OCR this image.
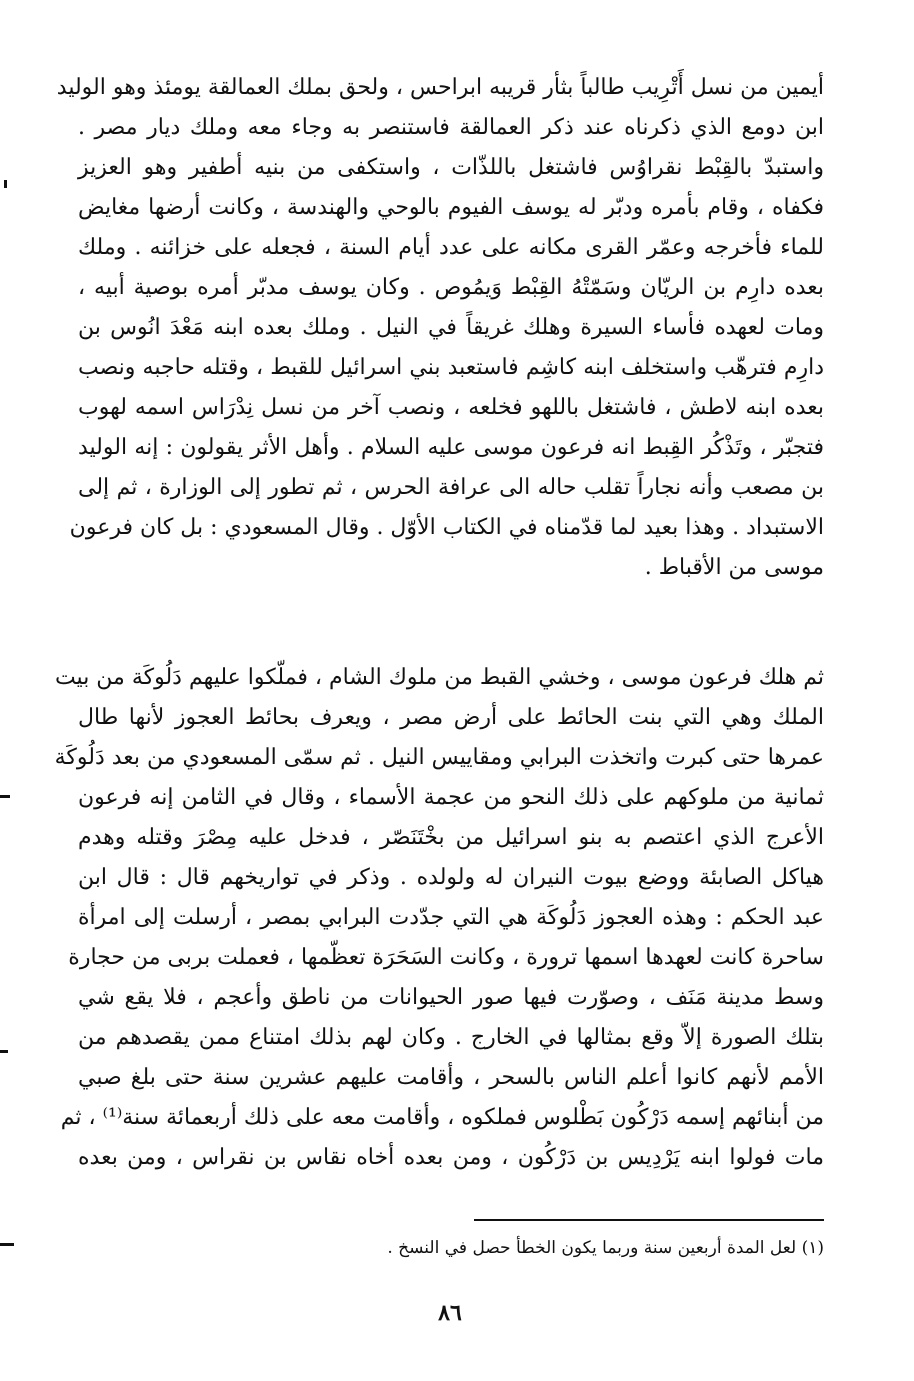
أيمين من نسل أَتْرِيب طالباً بثأر قريبه ابراحس ، ولحق بملك العمالقة يومئذ وهو الوليد
ابن دومع الذي ذكرناه عند ذكر العمالقة فاستنصر به وجاء معه وملك ديار مصر .
واستبدّ بالقِبْط نقراوُس فاشتغل باللذّات ، واستكفى من بنيه أطفير وهو العزيز
فكفاه ، وقام بأمره ودبّر له يوسف الفيوم بالوحي والهندسة ، وكانت أرضها مغايض
للماء فأخرجه وعمّر القرى مكانه على عدد أيام السنة ، فجعله على خزائنه . وملك
بعده دارِم بن الريّان وسَمّتْهُ القِبْط وَيمُوص . وكان يوسف مدبّر أمره بوصية أبيه ،
ومات لعهده فأساء السيرة وهلك غريقاً في النيل . وملك بعده ابنه مَعْدَ انُوس بن
دارِم فترهّب واستخلف ابنه كاشِم فاستعبد بني اسرائيل للقبط ، وقتله حاجبه ونصب
بعده ابنه لاطش ، فاشتغل باللهو فخلعه ، ونصب آخر من نسل نِدْرَاس اسمه لهوب
فتجبّر ، وتَذْكُر القِبط انه فرعون موسى عليه السلام . وأهل الأثر يقولون : إنه الوليد
بن مصعب وأنه نجاراً تقلب حاله الى عرافة الحرس ، ثم تطور إلى الوزارة ، ثم إلى
الاستبداد . وهذا بعيد لما قدّمناه في الكتاب الأوّل . وقال المسعودي : بل كان فرعون
موسى من الأقباط .
ثم هلك فرعون موسى ، وخشي القبط من ملوك الشام ، فملّكوا عليهم دَلُوكَة من بيت
الملك وهي التي بنت الحائط على أرض مصر ، ويعرف بحائط العجوز لأنها طال
عمرها حتى كبرت واتخذت البرابي ومقاييس النيل . ثم سمّى المسعودي من بعد دَلُوكَة
ثمانية من ملوكهم على ذلك النحو من عجمة الأسماء ، وقال في الثامن إنه فرعون
الأعرج الذي اعتصم به بنو اسرائيل من بخْتَنَصّر ، فدخل عليه مِصْرَ وقتله وهدم
هياكل الصابئة ووضع بيوت النيران له ولولده . وذكر في تواريخهم قال : قال ابن
عبد الحكم : وهذه العجوز دَلُوكَة هي التي جدّدت البرابي بمصر ، أرسلت إلى امرأة
ساحرة كانت لعهدها اسمها ترورة ، وكانت السَحَرَة تعظّمها ، فعملت بربى من حجارة
وسط مدينة مَنَف ، وصوّرت فيها صور الحيوانات من ناطق وأعجم ، فلا يقع شي
بتلك الصورة إلاّ وقع بمثالها في الخارج . وكان لهم بذلك امتناع ممن يقصدهم من
الأمم لأنهم كانوا أعلم الناس بالسحر ، وأقامت عليهم عشرين سنة حتى بلغ صبي
من أبنائهم إسمه دَرْكُون بَطْلوس فملكوه ، وأقامت معه على ذلك أربعمائة سنة⁽¹⁾ ، ثم
مات فولوا ابنه يَرْدِيس بن دَرْكُون ، ومن بعده أخاه نقاس بن نقراس ، ومن بعده
(١) لعل المدة أربعين سنة وربما يكون الخطأ حصل في النسخ .
٨٦
